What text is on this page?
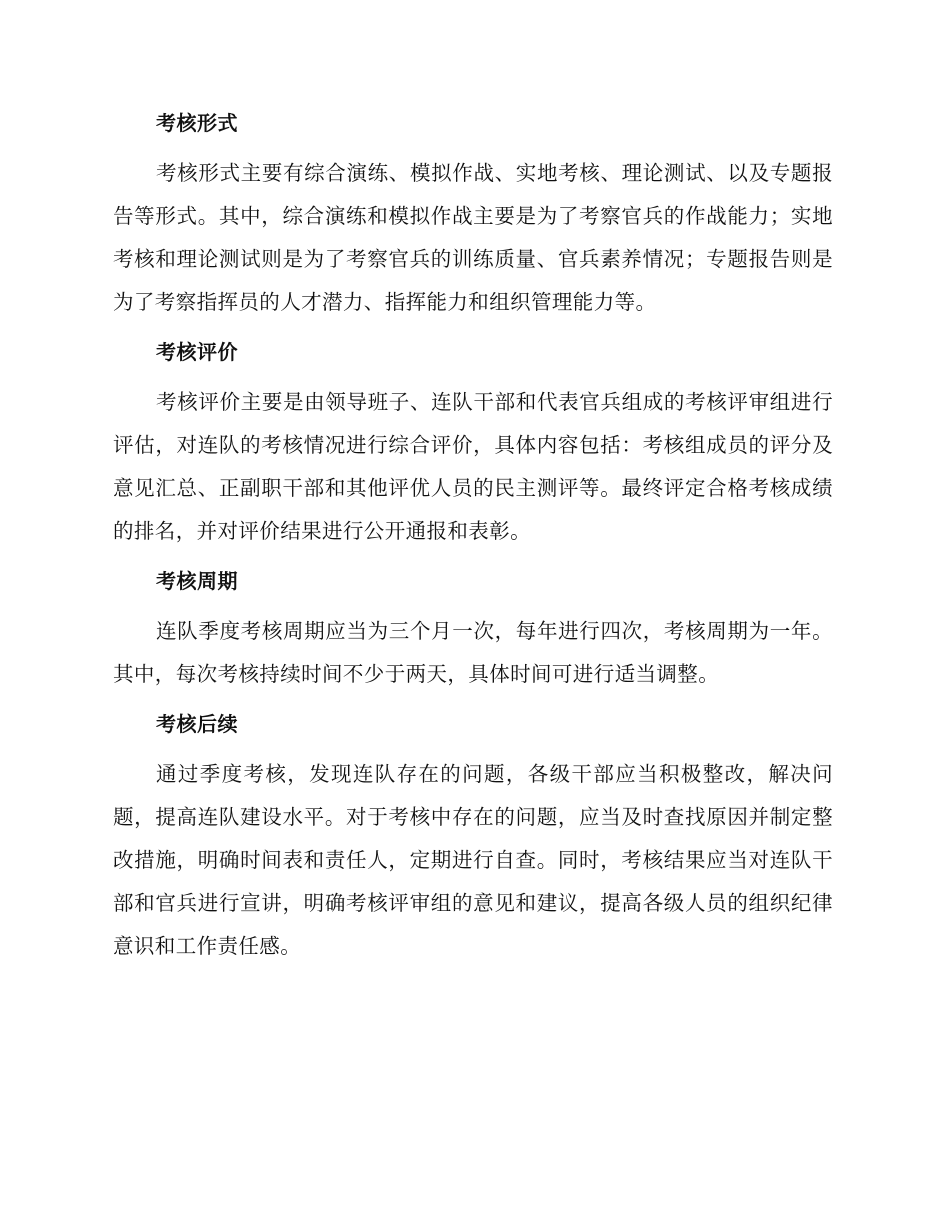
考核形式

考核形式主要有综合演练、模拟作战、实地考核、理论测试、以及专题报告等形式。其中，综合演练和模拟作战主要是为了考察官兵的作战能力；实地考核和理论测试则是为了考察官兵的训练质量、官兵素养情况；专题报告则是为了考察指挥员的人才潜力、指挥能力和组织管理能力等。

考核评价

考核评价主要是由领导班子、连队干部和代表官兵组成的考核评审组进行评估，对连队的考核情况进行综合评价，具体内容包括：考核组成员的评分及意见汇总、正副职干部和其他评优人员的民主测评等。最终评定合格考核成绩的排名，并对评价结果进行公开通报和表彰。

考核周期

连队季度考核周期应当为三个月一次，每年进行四次，考核周期为一年。其中，每次考核持续时间不少于两天，具体时间可进行适当调整。

考核后续

通过季度考核，发现连队存在的问题，各级干部应当积极整改，解决问题，提高连队建设水平。对于考核中存在的问题，应当及时查找原因并制定整改措施，明确时间表和责任人，定期进行自查。同时，考核结果应当对连队干部和官兵进行宣讲，明确考核评审组的意见和建议，提高各级人员的组织纪律意识和工作责任感。
